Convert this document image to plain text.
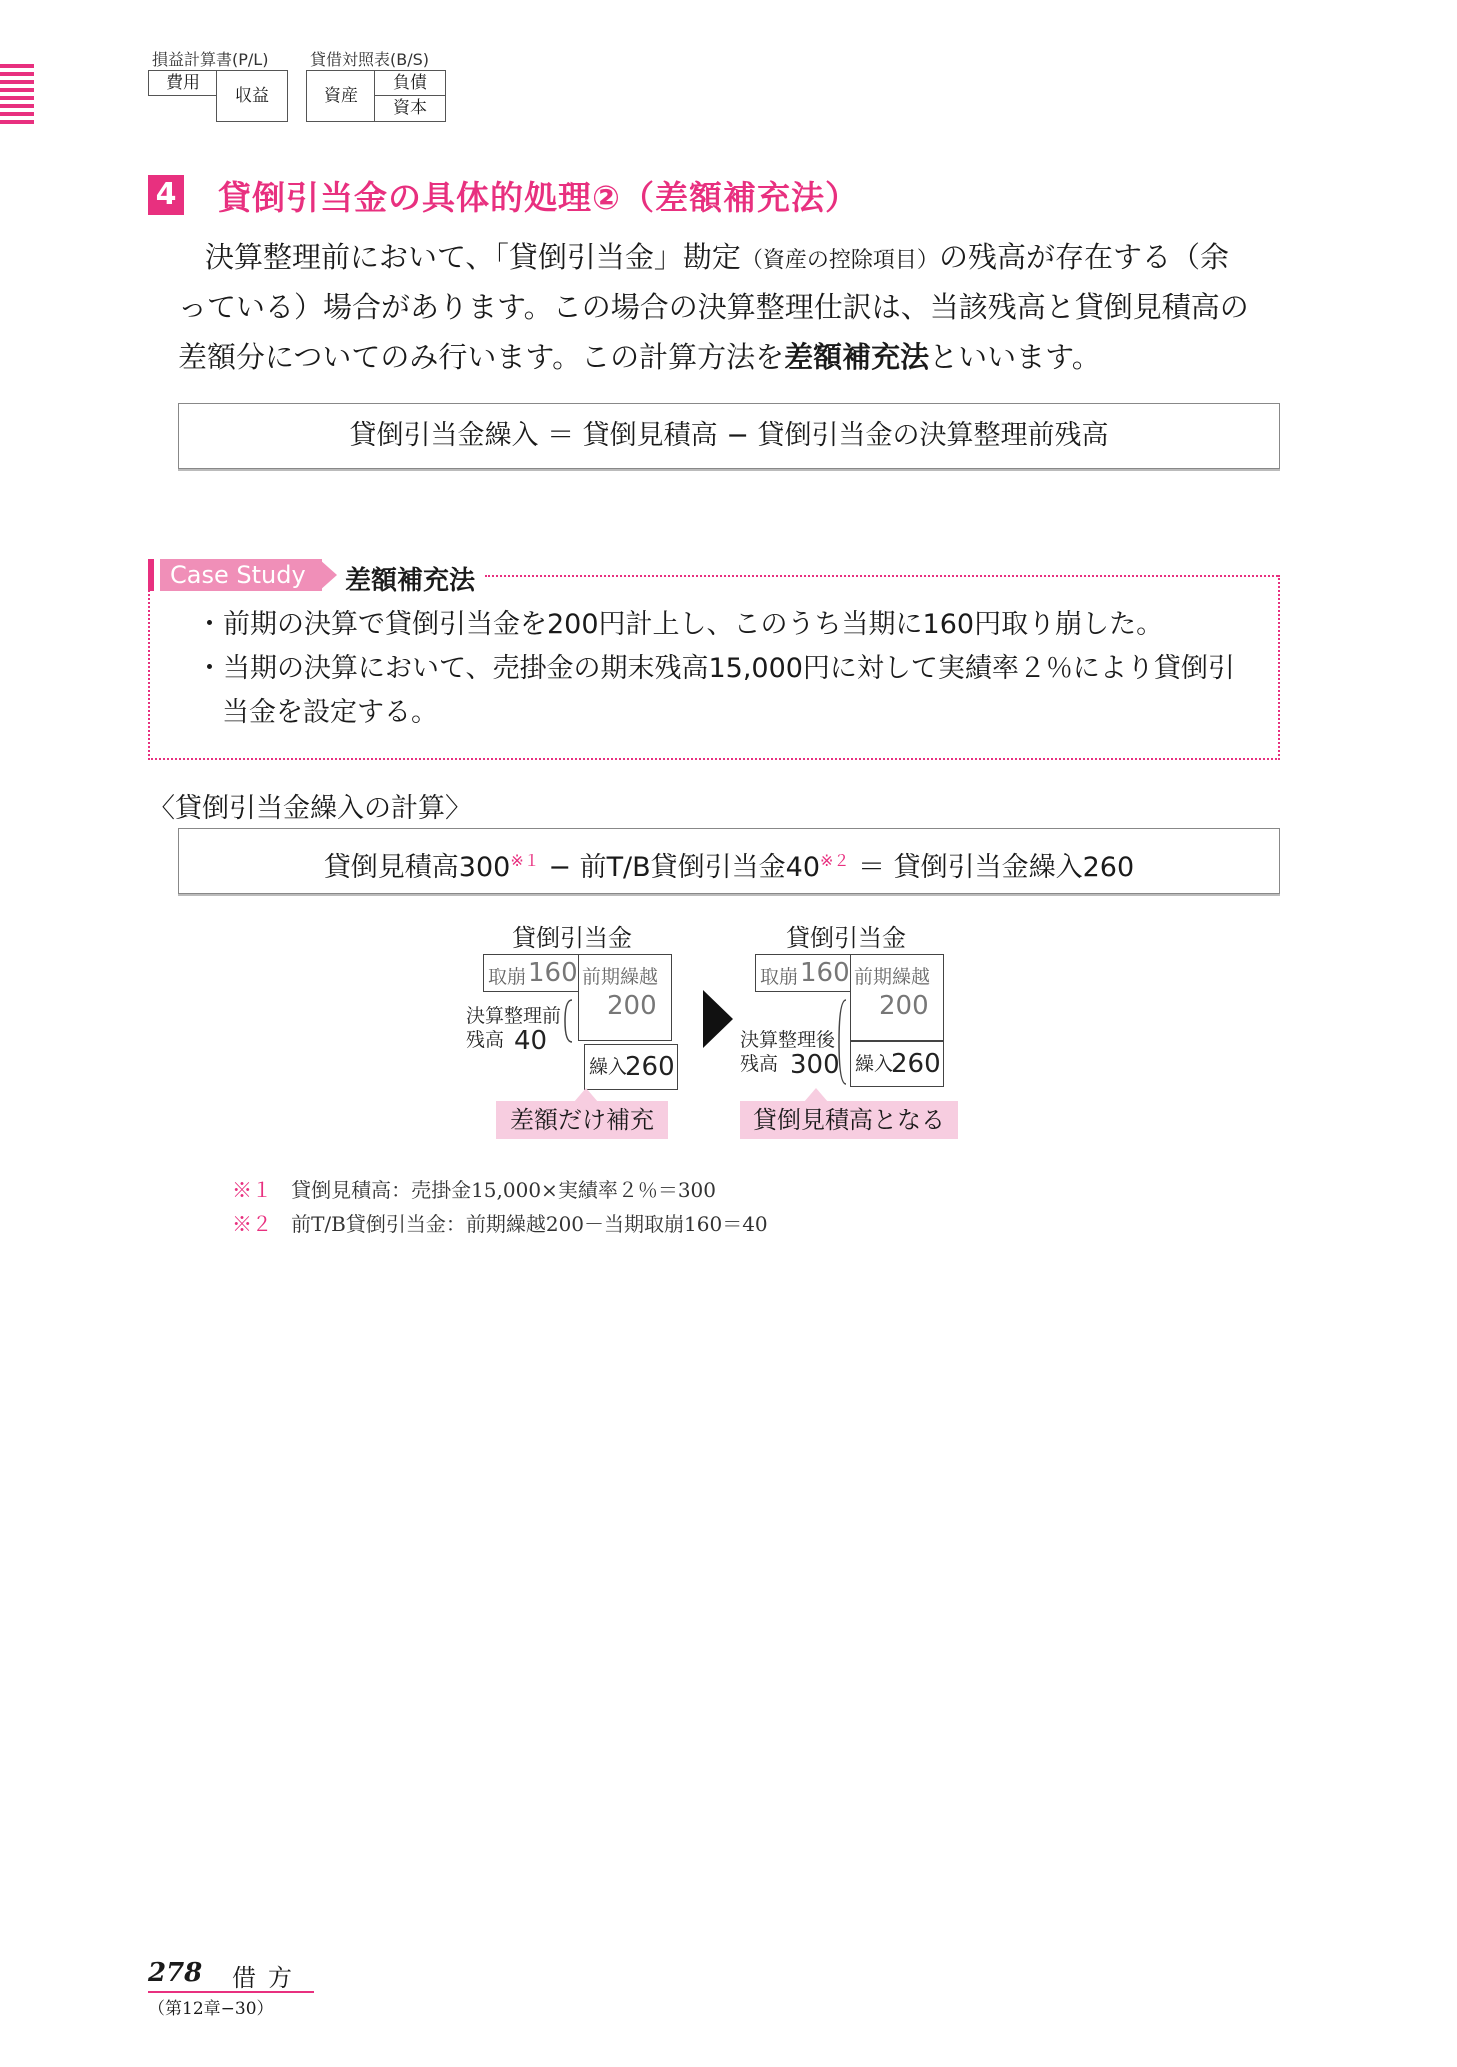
損益計算書(P/L)	貸借対照表(B/S)
費用
収益	資産
負債
資本
4 貸倒引当金の具体的処理②（差額補充法）
決算整理前において、「貸倒引当金」勘定（資産の控除項目）の残高が存在する（余
っている）場合があります。この場合の決算整理仕訳は、当該残高と貸倒見積高の
差額分についてのみ行います。この計算方法を差額補充法といいます。
貸倒引当金繰入 ＝ 貸倒見積高 − 貸倒引当金の決算整理前残高
Case Study	差額補充法
・前期の決算で貸倒引当金を200円計上し、このうち当期に160円取り崩した。
・当期の決算において、売掛金の期末残高15,000円に対して実績率２％により貸倒引
当金を設定する。
〈貸倒引当金繰入の計算〉
貸倒見積高$300^{※1}$ − 前T/B貸倒引当金$40^{※2}$ ＝ 貸倒引当金繰入260
貸倒引当金
取崩 160 前期繰越
200
繰入
260
決算整理前
残高 40
差額だけ補充
貸倒引当金
取崩 160 前期繰越
200
繰入
260
決算整理後
残高 300
貸倒見積高となる
※１ 貸倒見積高：売掛金15,000×実績率２％＝300
※２ 前T/B貸倒引当金：前期繰越200－当期取崩160＝40
278 借方
（第12章−30）
